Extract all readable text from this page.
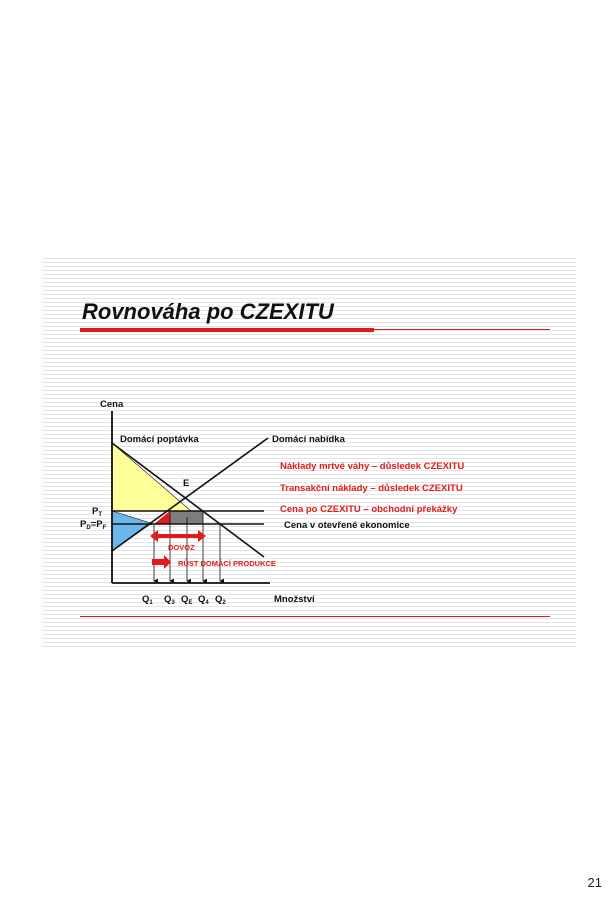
Rovnováha po CZEXITU
DOVOZ
RŮST DOMÁCÍ PRODUKCE
Cena
Množství
Domácí poptávka	Domácí nabídka
E
$P_T$
$P_D=P_F$
$Q_1$ $Q_3$ $Q_E$ $Q_4$ $Q_2$
Náklady mrtvé váhy – důsledek CZEXITU
Transakční náklady – důsledek CZEXITU
Cena po CZEXITU – obchodní překážky
Cena v otevřené ekonomice
21
